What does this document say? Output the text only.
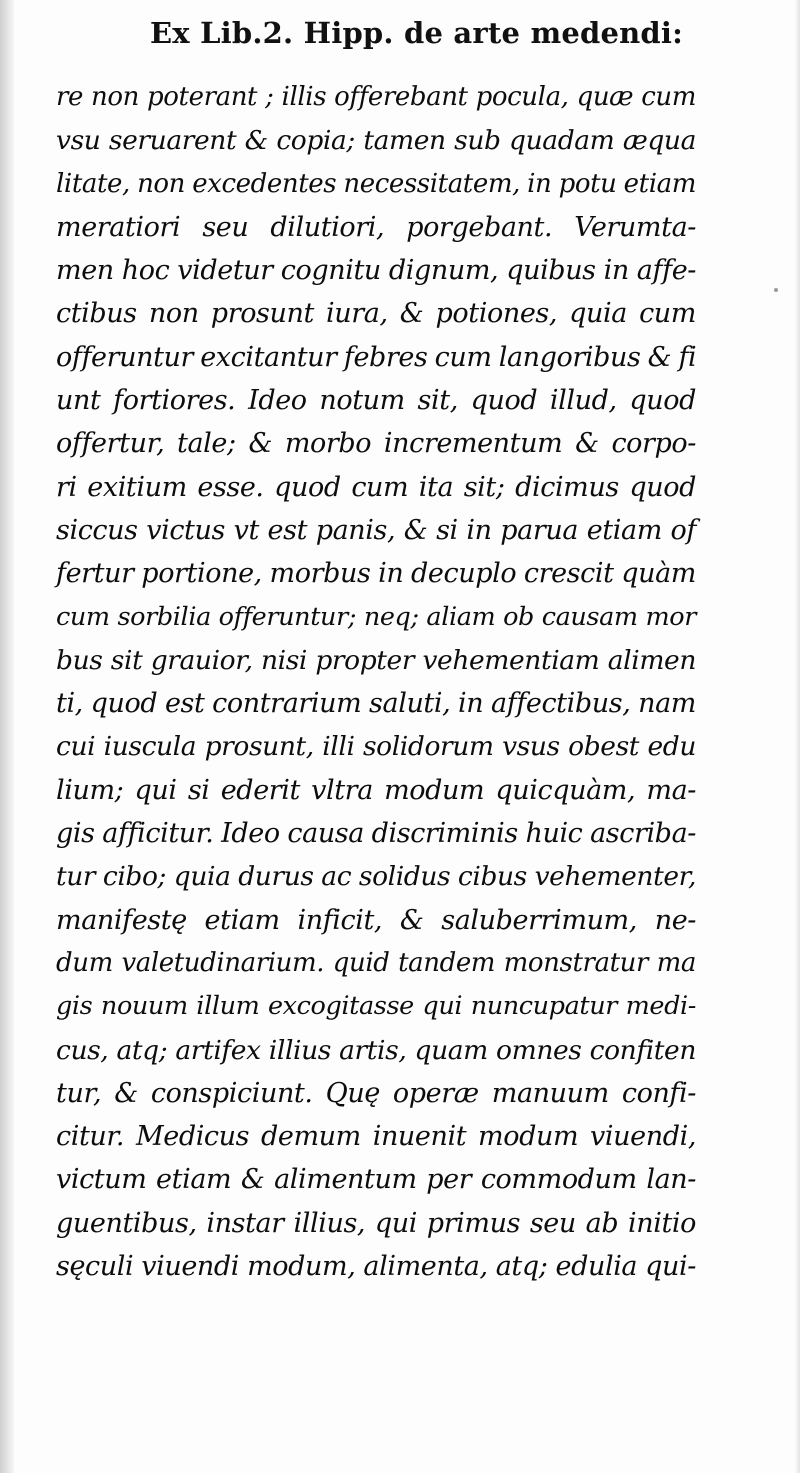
Ex Lib.2. Hipp. de arte medendi:
re non poterant ; illis offerebant pocula, quæ cum
vsu seruarent & copia; tamen sub quadam æqua
litate, non excedentes necessitatem, in potu etiam
meratiori seu dilutiori, porgebant. Verumta-
men hoc videtur cognitu dignum, quibus in affe-
ctibus non prosunt iura, & potiones, quia cum
offeruntur excitantur febres cum langoribus & fi
unt fortiores. Ideo notum sit, quod illud, quod
offertur, tale; & morbo incrementum & corpo-
ri exitium esse. quod cum ita sit; dicimus quod
siccus victus vt est panis, & si in parua etiam of
fertur portione, morbus in decuplo crescit quàm
cum sorbilia offeruntur; neq; aliam ob causam mor
bus sit grauior, nisi propter vehementiam alimen
ti, quod est contrarium saluti, in affectibus, nam
cui iuscula prosunt, illi solidorum vsus obest edu
lium; qui si ederit vltra modum quicquàm, ma-
gis afficitur. Ideo causa discriminis huic ascriba-
tur cibo; quia durus ac solidus cibus vehementer,
manifestę etiam inficit, & saluberrimum, ne-
dum valetudinarium. quid tandem monstratur ma
gis nouum illum excogitasse qui nuncupatur medi-
cus, atq; artifex illius artis, quam omnes confiten
tur, & conspiciunt. Quę operæ manuum confi-
citur. Medicus demum inuenit modum viuendi,
victum etiam & alimentum per commodum lan-
guentibus, instar illius, qui primus seu ab initio
sęculi viuendi modum, alimenta, atq; edulia qui-
